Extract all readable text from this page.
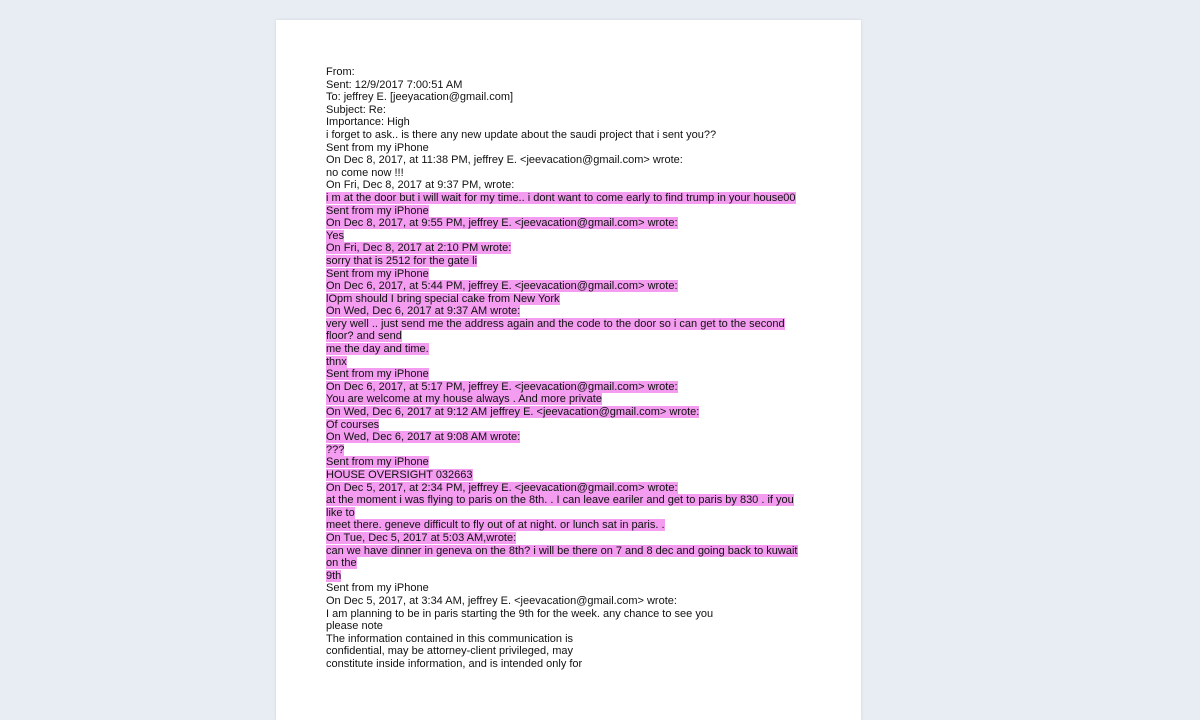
From:
Sent: 12/9/2017 7:00:51 AM
To: jeffrey E. [jeeyacation@gmail.com]
Subject: Re:
Importance: High
i forget to ask.. is there any new update about the saudi project that i sent you??
Sent from my iPhone
On Dec 8, 2017, at 11:38 PM, jeffrey E. <jeevacation@gmail.com> wrote:
no come now !!!
On Fri, Dec 8, 2017 at 9:37 PM, wrote:
i m at the door but i will wait for my time.. i dont want to come early to find trump in your house00
Sent from my iPhone
On Dec 8, 2017, at 9:55 PM, jeffrey E. <jeevacation@gmail.com> wrote:
Yes
On Fri, Dec 8, 2017 at 2:10 PM wrote:
sorry that is 2512 for the gate li
Sent from my iPhone
On Dec 6, 2017, at 5:44 PM, jeffrey E. <jeevacation@gmail.com> wrote:
lOpm should I bring special cake from New York
On Wed, Dec 6, 2017 at 9:37 AM wrote:
very well .. just send me the address again and the code to the door so i can get to the second
floor? and send
me the day and time.
thnx
Sent from my iPhone
On Dec 6, 2017, at 5:17 PM, jeffrey E. <jeevacation@gmail.com> wrote:
You are welcome at my house always . And more private
On Wed, Dec 6, 2017 at 9:12 AM jeffrey E. <jeevacation@gmail.com> wrote:
Of courses
On Wed, Dec 6, 2017 at 9:08 AM wrote:
???
Sent from my iPhone
HOUSE OVERSIGHT 032663
On Dec 5, 2017, at 2:34 PM, jeffrey E. <jeevacation@gmail.com> wrote:
at the moment i was flying to paris on the 8th. . I can leave eariler and get to paris by 830 . if you
like to
meet there. geneve difficult to fly out of at night. or lunch sat in paris. .
On Tue, Dec 5, 2017 at 5:03 AM,wrote:
can we have dinner in geneva on the 8th? i will be there on 7 and 8 dec and going back to kuwait
on the
9th
Sent from my iPhone
On Dec 5, 2017, at 3:34 AM, jeffrey E. <jeevacation@gmail.com> wrote:
I am planning to be in paris starting the 9th for the week. any chance to see you
please note
The information contained in this communication is
confidential, may be attorney-client privileged, may
constitute inside information, and is intended only for
